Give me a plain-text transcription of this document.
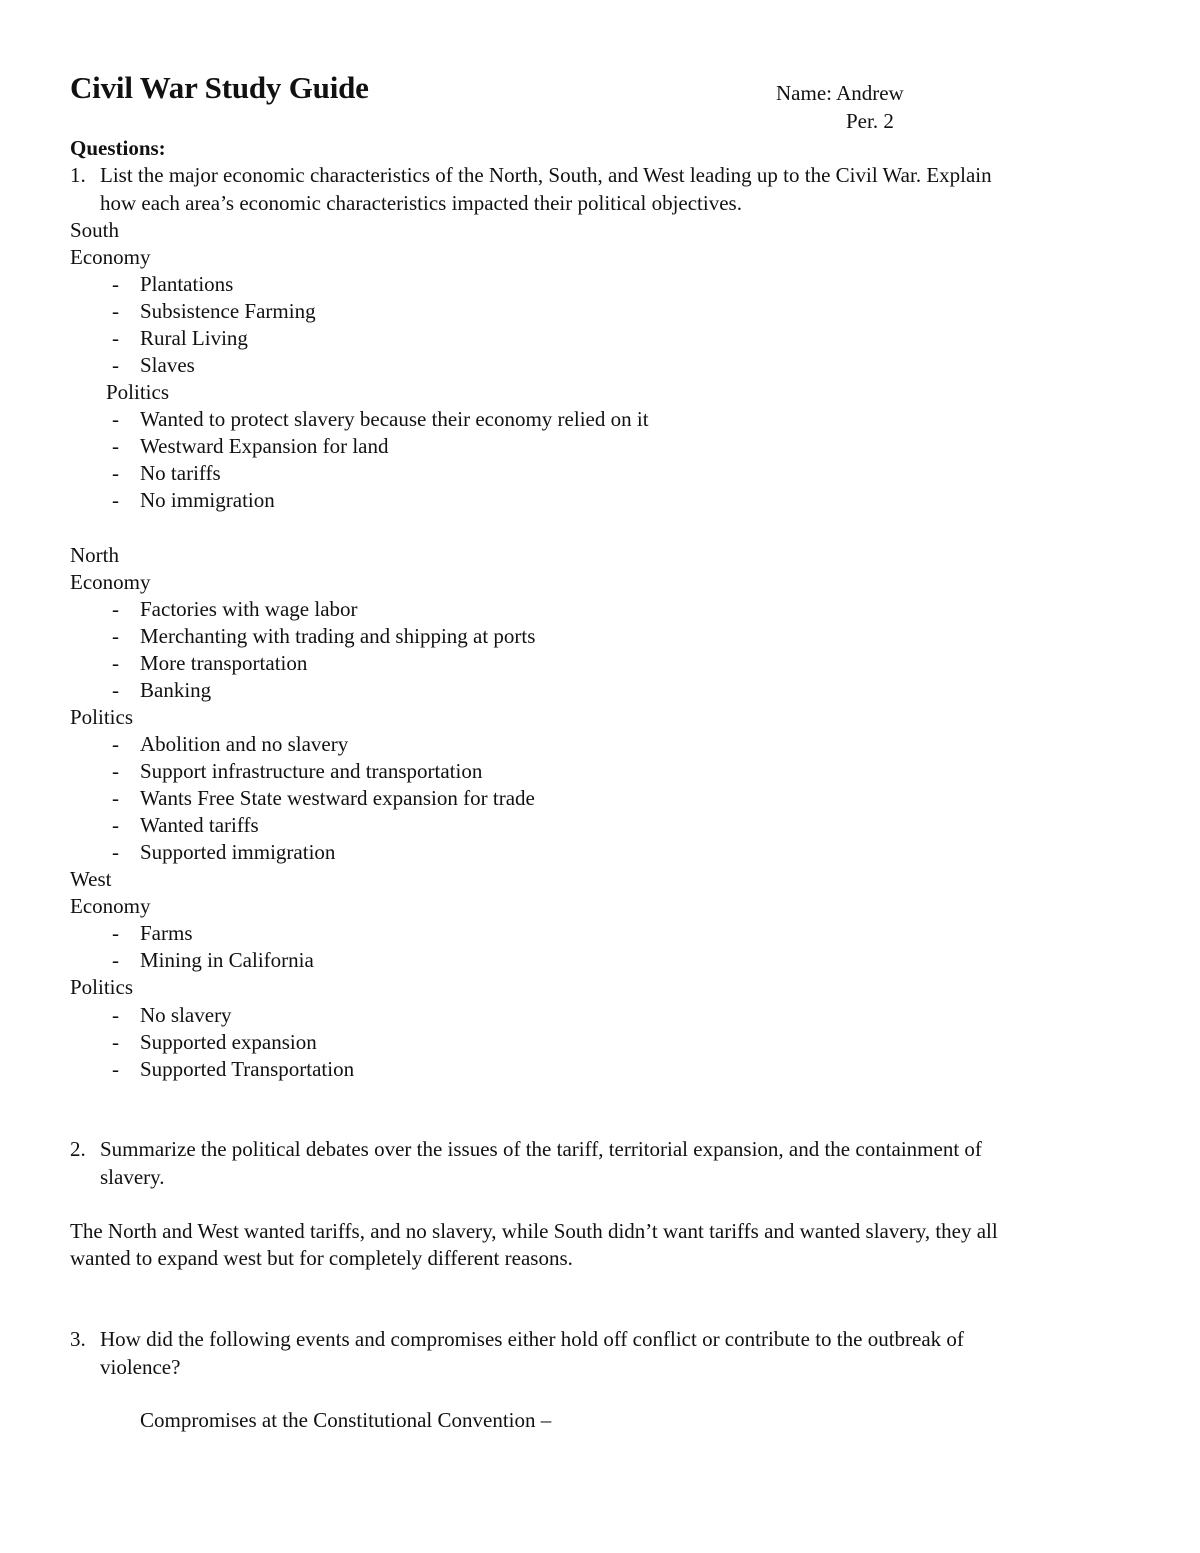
Civil War Study Guide	Name: Andrew
Per. 2
Questions:
1. List the major economic characteristics of the North, South, and West leading up to the Civil War. Explain
how each area’s economic characteristics impacted their political objectives.
South
Economy
- Plantations
- Subsistence Farming
- Rural Living
- Slaves
Politics
- Wanted to protect slavery because their economy relied on it
- Westward Expansion for land
- No tariffs
- No immigration
North
Economy
- Factories with wage labor
- Merchanting with trading and shipping at ports
- More transportation
- Banking
Politics
- Abolition and no slavery
- Support infrastructure and transportation
- Wants Free State westward expansion for trade
- Wanted tariffs
- Supported immigration
West
Economy
- Farms
- Mining in California
Politics
- No slavery
- Supported expansion
- Supported Transportation
2. Summarize the political debates over the issues of the tariff, territorial expansion, and the containment of
slavery.
The North and West wanted tariffs, and no slavery, while South didn’t want tariffs and wanted slavery, they all
wanted to expand west but for completely different reasons.
3. How did the following events and compromises either hold off conflict or contribute to the outbreak of
violence?
Compromises at the Constitutional Convention –
